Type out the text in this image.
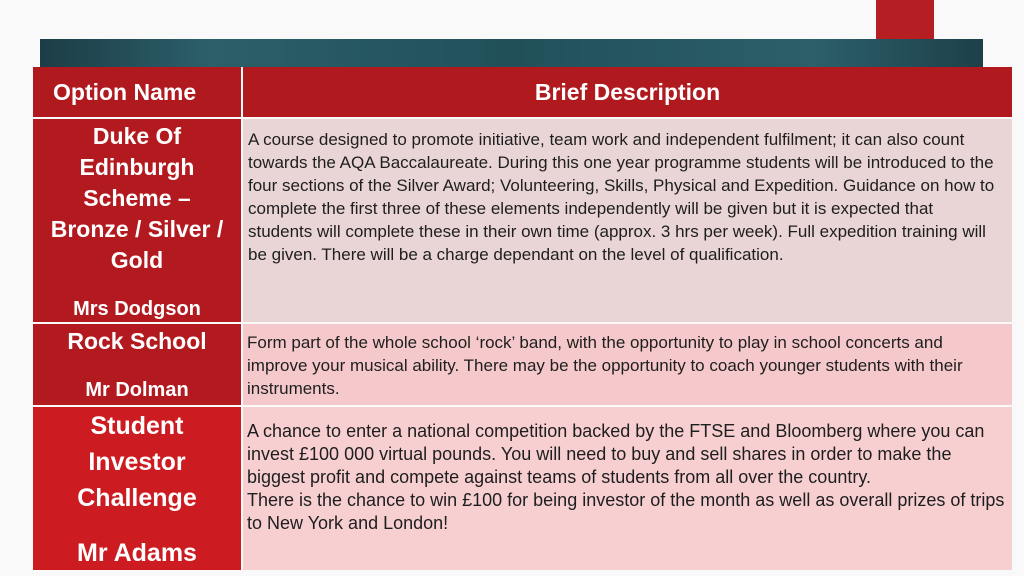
Option Name	Brief Description
Duke Of
Edinburgh
Scheme –
Bronze / Silver /
Gold
Mrs Dodgson
A course designed to promote initiative, team work and independent fulfilment; it can also count towards the AQA Baccalaureate. During this one year programme students will be introduced to the four sections of the Silver Award; Volunteering, Skills, Physical and Expedition. Guidance on how to complete the first three of these elements independently will be given but it is expected that students will complete these in their own time (approx. 3 hrs per week). Full expedition training will be given. There will be a charge dependant on the level of qualification.
Rock School
Mr Dolman
Form part of the whole school ‘rock’ band, with the opportunity to play in school concerts and improve your musical ability. There may be the opportunity to coach younger students with their instruments.
Student
Investor
Challenge
Mr Adams
A chance to enter a national competition backed by the FTSE and Bloomberg where you can invest £100 000 virtual pounds. You will need to buy and sell shares in order to make the biggest profit and compete against teams of students from all over the country.
There is the chance to win £100 for being investor of the month as well as overall prizes of trips to New York and London!
